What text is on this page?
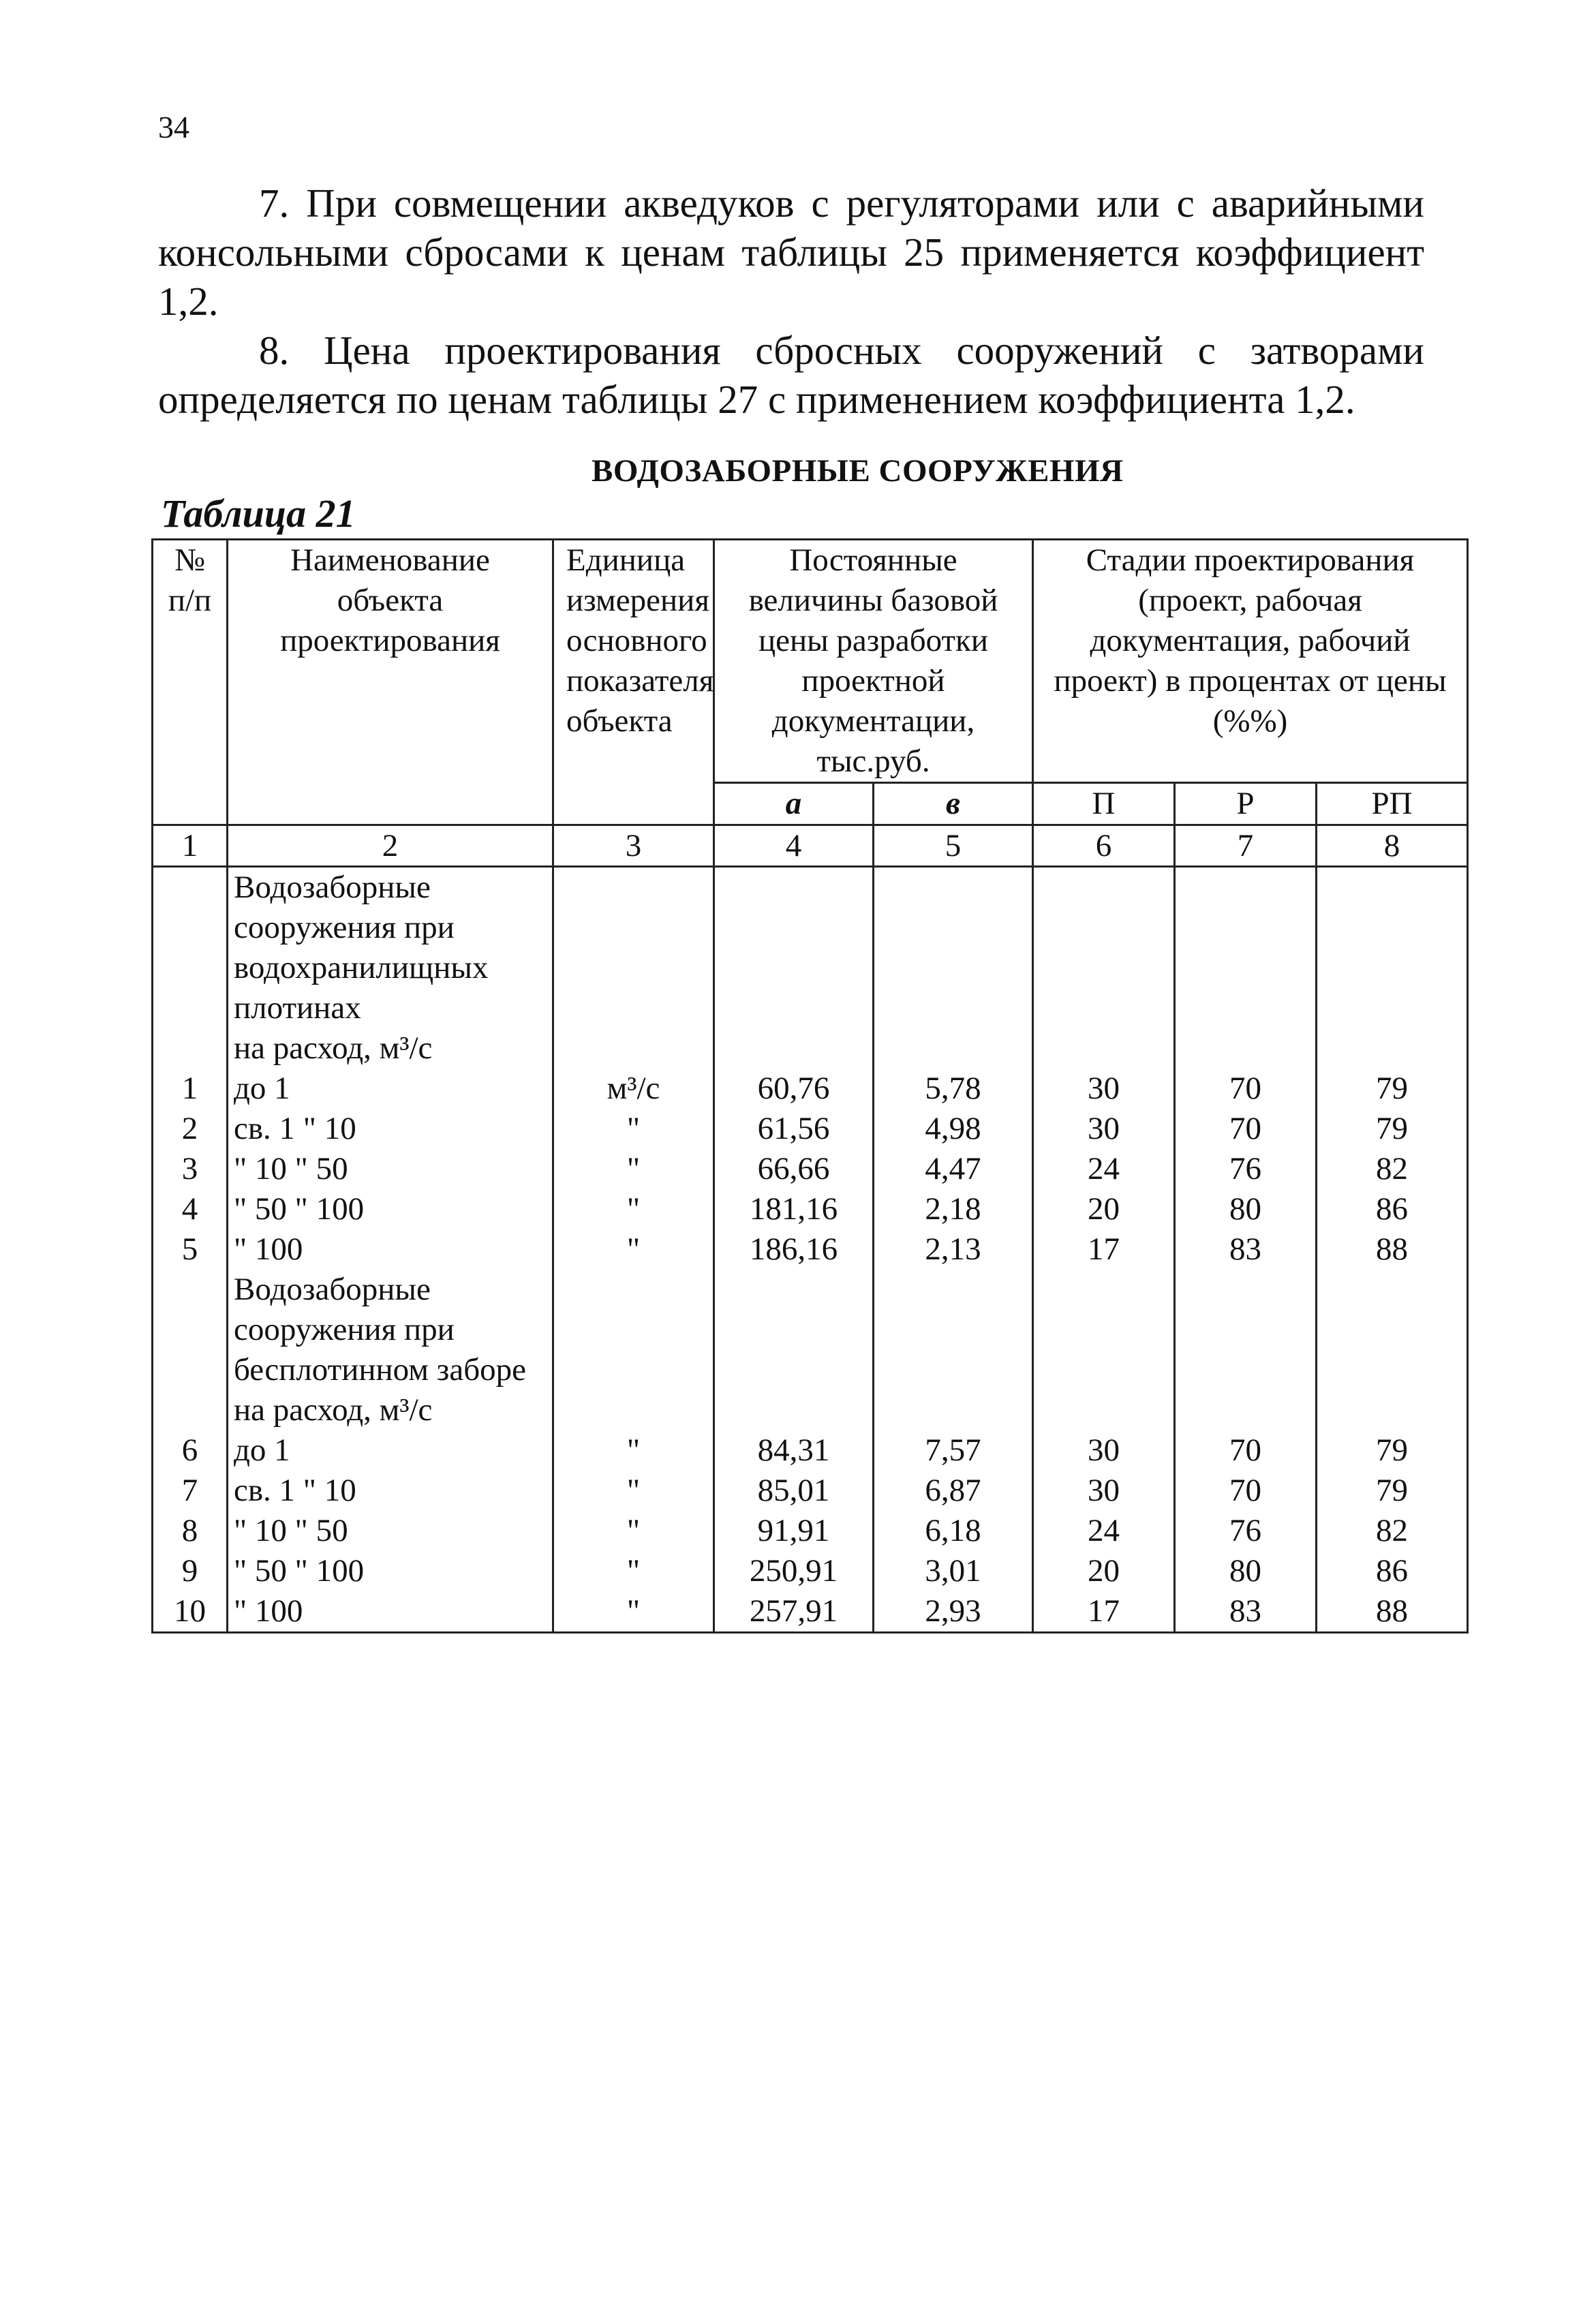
34

7. При совмещении акведуков с регуляторами или с аварийными консольными сбросами к ценам таблицы 25 применяется коэффициент 1,2.

8. Цена проектирования сбросных сооружений с затворами определяется по ценам таблицы 27 с применением коэффициента 1,2.

ВОДОЗАБОРНЫЕ СООРУЖЕНИЯ
Таблица 21
№ п/п	Наименование объекта проектирования	Единица измерения основного показателя объекта	Постоянные величины базовой цены разработки проектной документации, тыс.руб.		Стадии проектирования (проект, рабочая документация, рабочий проект) в процентах от цены (%%)		
			а	в	П	Р	РП
1	2	3	4	5	6	7	8

	Водозаборные сооружения при водохранилищных плотинах
на расход, м³/с						

1	до 1	м³/с	60,76	5,78	30	70	79
2	св. 1 " 10	"	61,56	4,98	30	70	79
3	" 10 " 50	"	66,66	4,47	24	76	82
4	" 50 " 100	"	181,16	2,18	20	80	86
5	" 100	"	186,16	2,13	17	83	88

	Водозаборные сооружения при бесплотинном заборе
на расход, м³/с						

6	до 1	"	84,31	7,57	30	70	79
7	св. 1 " 10	"	85,01	6,87	30	70	79
8	" 10 " 50	"	91,91	6,18	24	76	82
9	" 50 " 100	"	250,91	3,01	20	80	86
10	" 100	"	257,91	2,93	17	83	88
